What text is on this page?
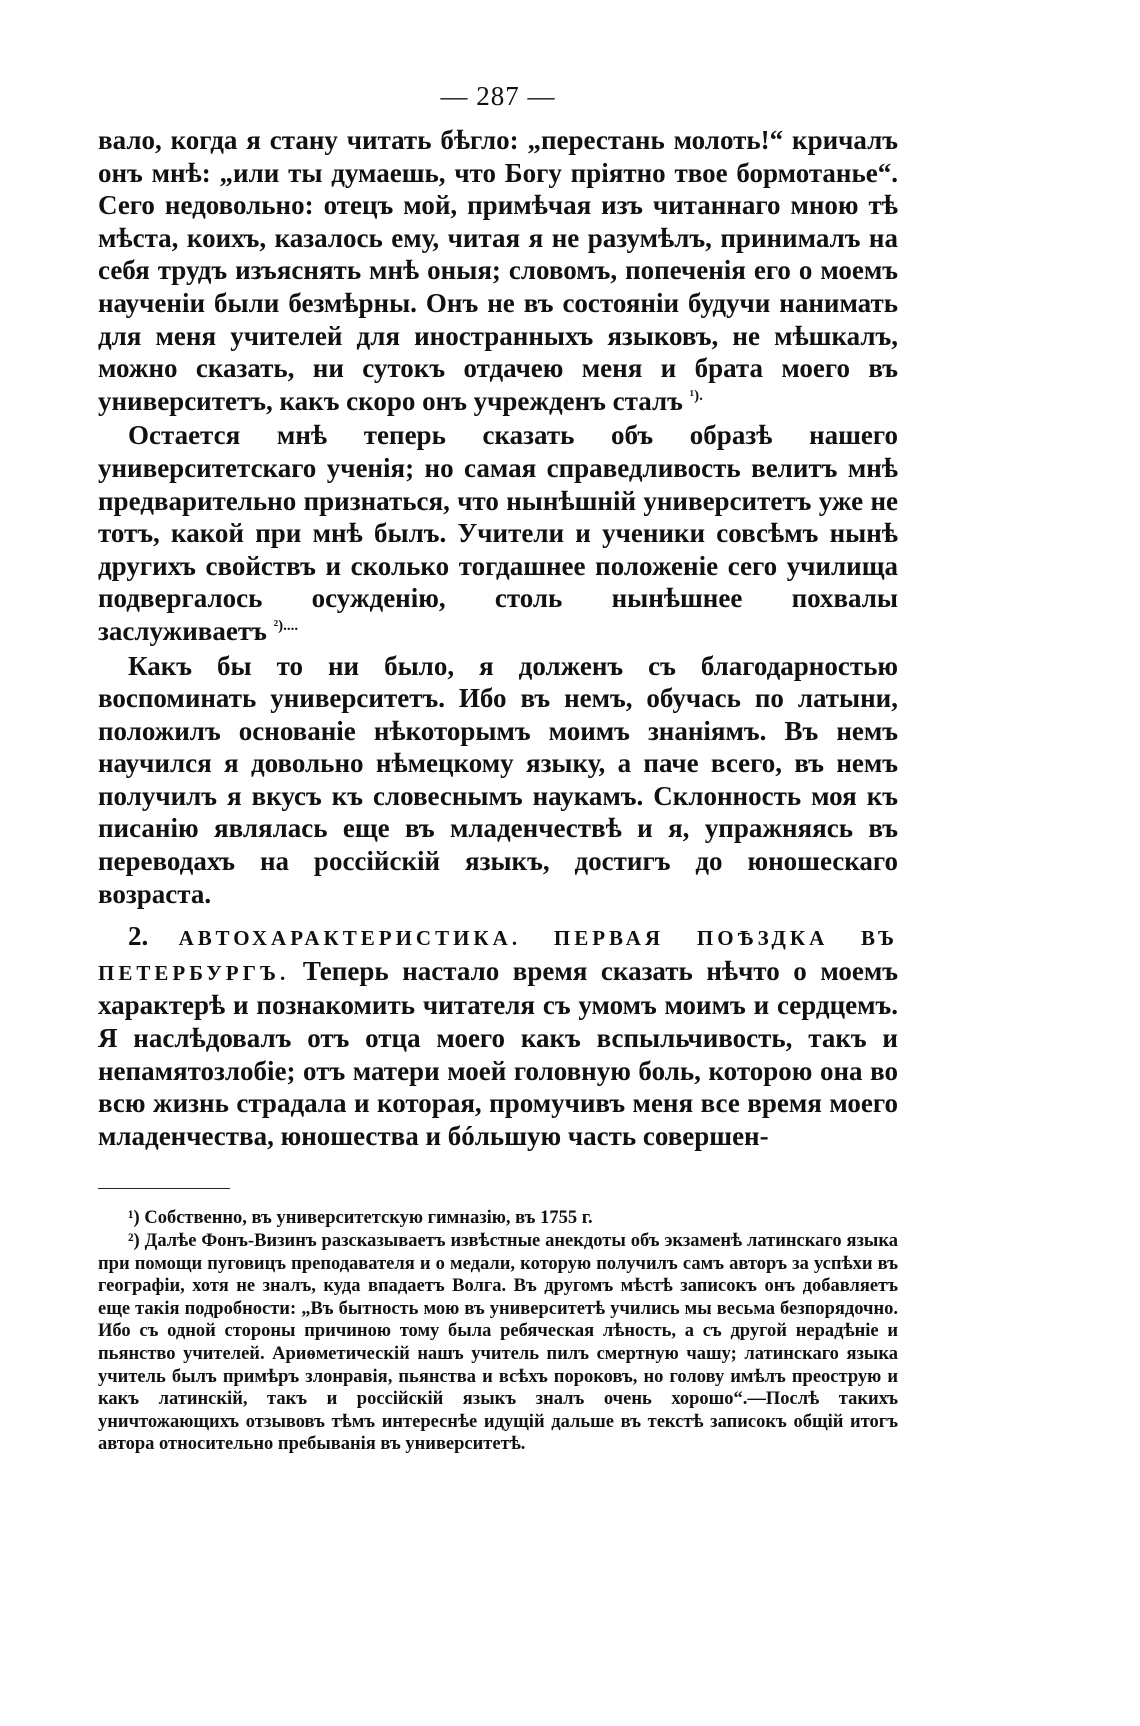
— 287 —

вало, когда я стану читать бѣгло: „перестань молоть!“ кричалъ онъ мнѣ: „или ты думаешь, что Богу пріятно твое бормотанье“. Сего недовольно: отецъ мой, примѣчая изъ читаннаго мною тѣ мѣста, коихъ, казалось ему, читая я не разумѣлъ, принималъ на себя трудъ изъяснять мнѣ оныя; словомъ, попеченія его о моемъ наученіи были безмѣрны. Онъ не въ состояніи будучи нанимать для меня учителей для иностранныхъ языковъ, не мѣшкалъ, можно сказать, ни сутокъ отдачею меня и брата моего въ университетъ, какъ скоро онъ учрежденъ сталъ $^{^1).}$

Остается мнѣ теперь сказать объ образѣ нашего университетскаго ученія; но самая справедливость велитъ мнѣ предварительно признаться, что нынѣшній университетъ уже не тотъ, какой при мнѣ былъ. Учители и ученики совсѣмъ нынѣ другихъ свойствъ и сколько тогдашнее положеніе сего училища подвергалось осужденію, столь нынѣшнее похвалы заслуживаетъ $^{^2)....}$

Какъ бы то ни было, я долженъ съ благодарностью воспоминать университетъ. Ибо въ немъ, обучась по латыни, положилъ основаніе нѣкоторымъ моимъ знаніямъ. Въ немъ научился я довольно нѣмецкому языку, а паче всего, въ немъ получилъ я вкусъ къ словеснымъ наукамъ. Склонность моя къ писанію являлась еще въ младенчествѣ и я, упражняясь въ переводахъ на россійскій языкъ, достигъ до юношескаго возраста.

2. АВТОХАРАКТЕРИСТИКА. ПЕРВАЯ ПОѢЗДКА ВЪ ПЕТЕРБУРГЪ. Теперь настало время сказать нѣчто о моемъ характерѣ и познакомить читателя съ умомъ моимъ и сердцемъ. Я наслѣдовалъ отъ отца моего какъ вспыльчивость, такъ и непамятозлобіе; отъ матери моей головную боль, которою она во всю жизнь страдала и которая, промучивъ меня все время моего младенчества, юношества и бóльшую часть совершен-

¹) Собственно, въ университетскую гимназію, въ 1755 г.

²) Далѣе Фонъ-Визинъ разсказываетъ извѣстные анекдоты объ экзаменѣ латинскаго языка при помощи пуговицъ преподавателя и о медали, которую получилъ самъ авторъ за успѣхи въ географіи, хотя не зналъ, куда впадаетъ Волга. Въ другомъ мѣстѣ записокъ онъ добавляетъ еще такія подробности: „Въ бытность мою въ университетѣ учились мы весьма безпорядочно. Ибо съ одной стороны причиною тому была ребяческая лѣность, а съ другой нерадѣніе и пьянство учителей. Ариѳметическій нашъ учитель пилъ смертную чашу; латинскаго языка учитель былъ примѣръ злонравія, пьянства и всѣхъ пороковъ, но голову имѣлъ преострую и какъ латинскій, такъ и россійскій языкъ зналъ очень хорошо“.—Послѣ такихъ уничтожающихъ отзывовъ тѣмъ интереснѣе идущій дальше въ текстѣ записокъ общій итогъ автора относительно пребыванія въ университетѣ.
